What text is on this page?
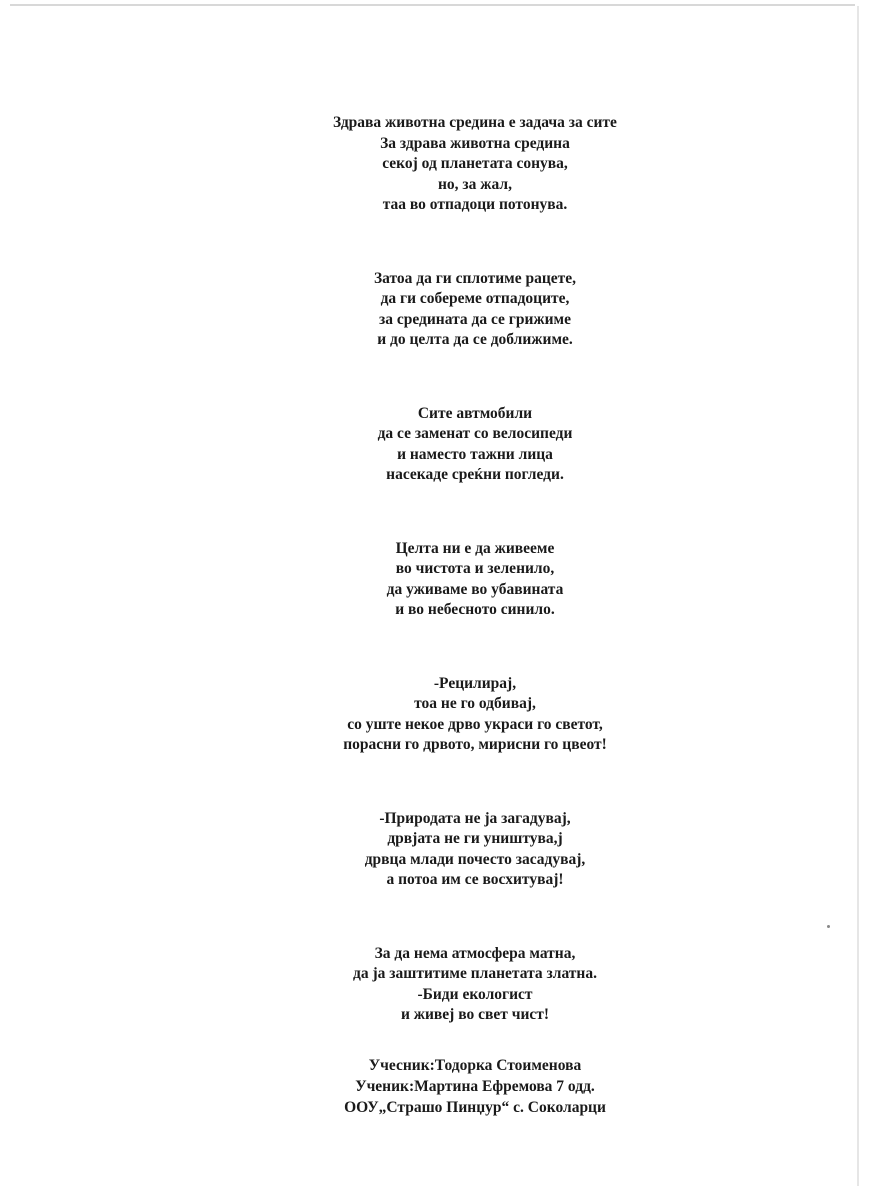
Здрава животна средина е задача за сите
За здрава животна средина
секој од планетата сонува,
но, за жал,
таа во отпадоци потонува.
Затоа да ги сплотиме рацете,
да ги собереме отпадоците,
за средината да се грижиме
и до целта да се доближиме.
Сите автмобили
да се заменат со велосипеди
и наместо тажни лица
насекаде среќни погледи.
Целта ни е да живееме
во чистота и зеленило,
да уживаме во убавината
и во небесното синило.
-Рецилирај,
тоа не го одбивај,
со уште некое дрво украси го светот,
порасни го дрвото, мирисни го цвеот!
-Природата не ја загадувај,
дрвјата не ги уништува,ј
дрвца млади почесто засадувај,
а потоа им се восхитувај!
За да нема атмосфера матна,
да ја заштитиме планетата златна.
-Биди екологист
и живеј во свет чист!
Учесник:Тодорка Стоименова
Ученик:Мартина Ефремова 7 одд.
ООУ„Страшо Пинџур“ с. Соколарци
